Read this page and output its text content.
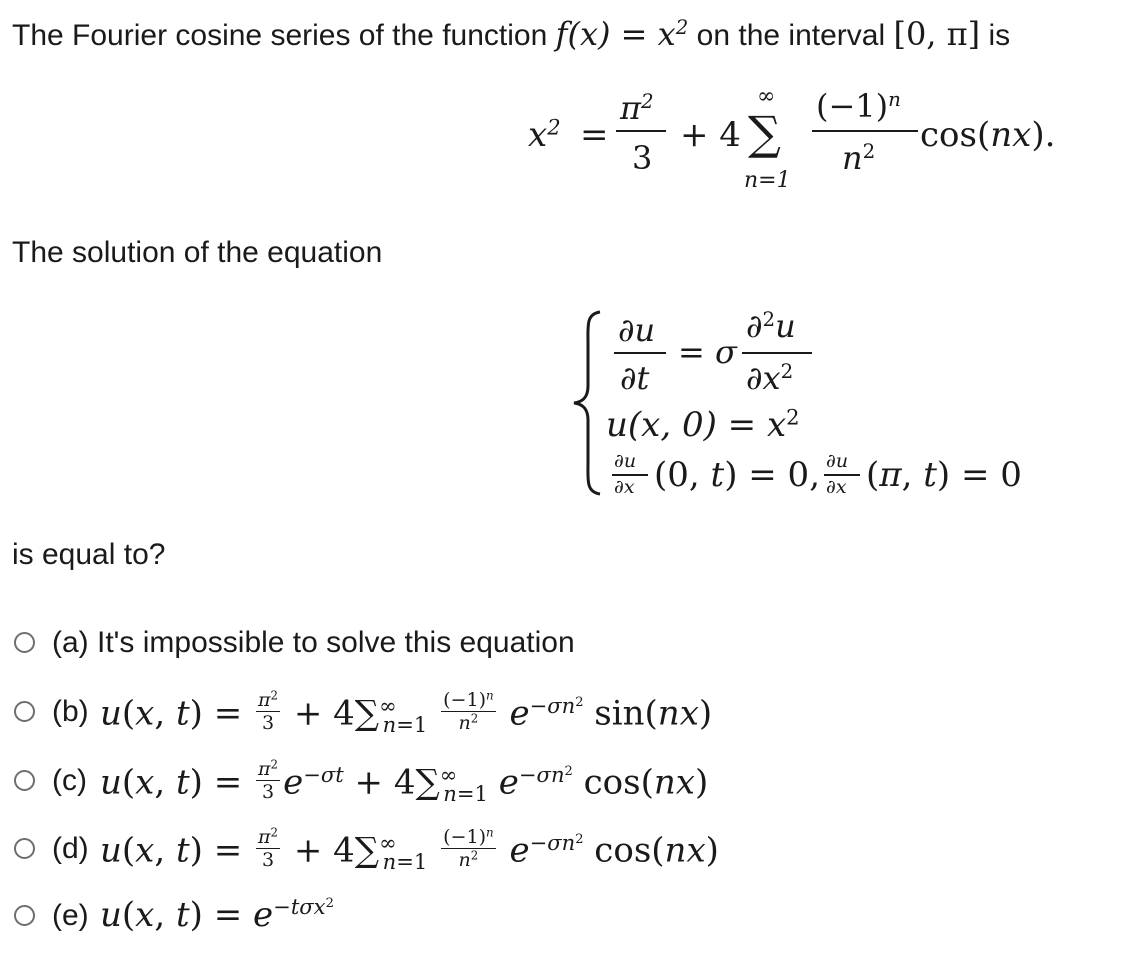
The Fourier cosine series of the function $f(x) = x^2$ on the interval [0, π] is
$x^2$ =
$\pi^2$
3
+ 4 ∑
∞
n=1
$(-1)^n$
$n^2$ cos(nx).
The solution of the equation
∂u
∂t
= σ
∂$^2$u
$\partial x^2$
u(x, $0) = x^2$
∂u
∂x (0, t) = 0, ∂u
∂x (π, t) = 0
is equal to?
(a) It's impossible to solve this equation
(b) u(x, $t) = \frac{\pi^2}{3} + 4\sum^\infty_{n=1} \frac{(-1)^n}{n^2} e^{-\sigma n^2}$ sin(nx)
(c) u(x, $t) = \frac{\pi^2}{3} e^{-\sigma t} + 4\sum^\infty_{n=1}$ $e^{-\sigma n^2}$ cos(nx)
(d) u(x, $t) = \frac{\pi^2}{3} + 4\sum^\infty_{n=1} \frac{(-1)^n}{n^2} e^{-\sigma n^2}$ cos(nx)
(e) u(x, $t) = e^{-t\sigma x^2}$
